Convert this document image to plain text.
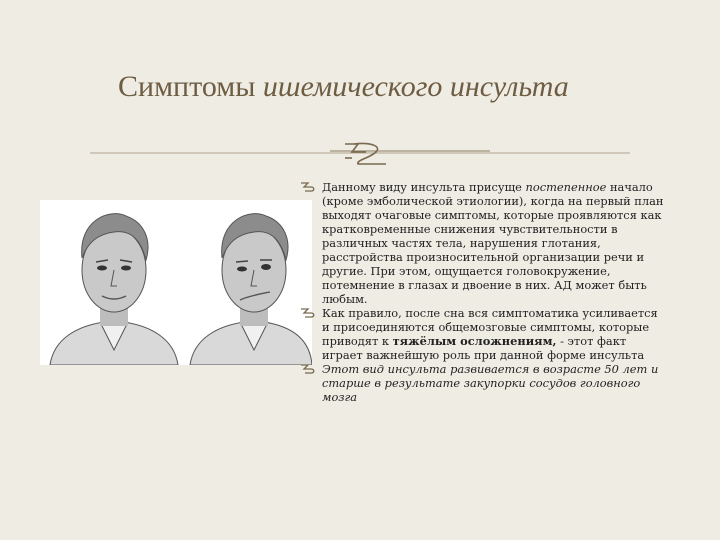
Симптомы ишемического инсульта
Данному виду инсульта присуще постепенное начало (кроме эмболической этиологии), когда на первый план выходят очаговые симптомы, которые проявляются как кратковременные снижения чувствительности в различных частях тела, нарушения глотания, расстройства произносительной организации речи и другие. При этом, ощущается головокружение, потемнение в глазах и двоение в них. АД может быть любым.
Как правило, после сна вся симптоматика усиливается и присоединяются общемозговые симптомы, которые приводят к тяжёлым осложнениям, - этот факт играет важнейшую роль при данной форме инсульта
Этот вид инсульта развивается в возрасте 50 лет и старше в результате закупорки сосудов головного мозга
